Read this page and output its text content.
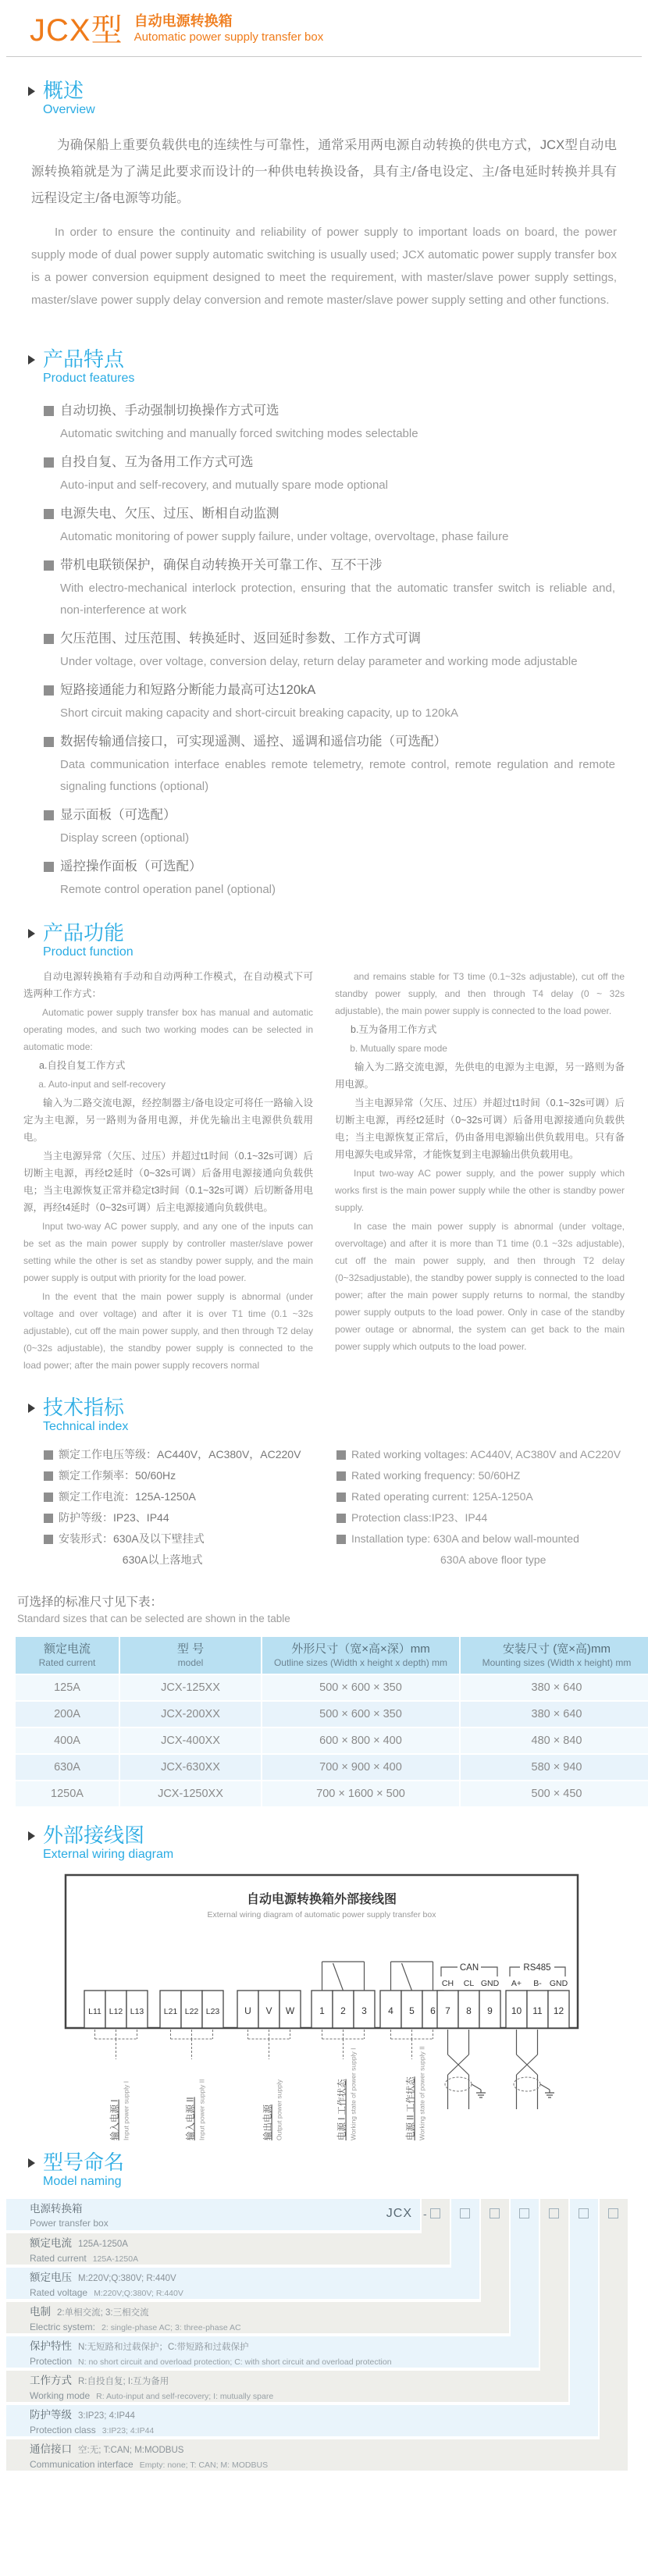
JCX型 自动电源转换箱
Automatic power supply transfer box
概述
Overview

为确保船上重要负载供电的连续性与可靠性，通常采用两电源自动转换的供电方式，JCX型自动电源转换箱就是为了满足此要求而设计的一种供电转换设备，具有主/备电设定、主/备电延时转换并具有远程设定主/备电源等功能。

In order to ensure the continuity and reliability of power supply to important loads on board, the power supply mode of dual power supply automatic switching is usually used; JCX automatic power supply transfer box is a power conversion equipment designed to meet the requirement, with master/slave power supply settings, master/slave power supply delay conversion and remote master/slave power supply setting and other functions.

产品特点
Product features
自动切换、手动强制切换操作方式可选
Automatic switching and manually forced switching modes selectable
自投自复、互为备用工作方式可选
Auto-input and self-recovery, and mutually spare mode optional
电源失电、欠压、过压、断相自动监测
Automatic monitoring of power supply failure, under voltage, overvoltage, phase failure
带机电联锁保护，确保自动转换开关可靠工作、互不干涉
With electro-mechanical interlock protection, ensuring that the automatic transfer switch is reliable and, non-interference at work
欠压范围、过压范围、转换延时、返回延时参数、工作方式可调
Under voltage, over voltage, conversion delay, return delay parameter and working mode adjustable
短路接通能力和短路分断能力最高可达120kA
Short circuit making capacity and short-circuit breaking capacity, up to 120kA
数据传输通信接口，可实现遥测、遥控、遥调和遥信功能（可选配）
Data communication interface enables remote telemetry, remote control, remote regulation and remote signaling functions (optional)
显示面板（可选配）
Display screen (optional)
遥控操作面板（可选配）
Remote control operation panel (optional)
产品功能
Product function

自动电源转换箱有手动和自动两种工作模式，在自动模式下可选两种工作方式：

Automatic power supply transfer box has manual and automatic operating modes, and such two working modes can be selected in automatic mode:

a.自投自复工作方式

a. Auto-input and self-recovery

输入为二路交流电源，经控制器主/备电设定可将任一路输入设定为主电源，另一路则为备用电源，并优先输出主电源供负载用电。

当主电源异常（欠压、过压）并超过t1时间（0.1~32s可调）后切断主电源，再经t2延时（0~32s可调）后备用电源接通向负载供电；当主电源恢复正常并稳定t3时间（0.1~32s可调）后切断备用电源，再经t4延时（0~32s可调）后主电源接通向负载供电。

Input two-way AC power supply, and any one of the inputs can be set as the main power supply by controller master/slave power setting while the other is set as standby power supply, and the main power supply is output with priority for the load power.

In the event that the main power supply is abnormal (under voltage and over voltage) and after it is over T1 time (0.1 ~32s adjustable), cut off the main power supply, and then through T2 delay (0~32s adjustable), the standby power supply is connected to the load power; after the main power supply recovers normal

and remains stable for T3 time (0.1~32s adjustable), cut off the standby power supply, and then through T4 delay (0 ~ 32s adjustable), the main power supply is connected to the load power.

b.互为备用工作方式

b. Mutually spare mode

输入为二路交流电源，先供电的电源为主电源，另一路则为备用电源。

当主电源异常（欠压、过压）并超过t1时间（0.1~32s可调）后切断主电源，再经t2延时（0~32s可调）后备用电源接通向负载供电；当主电源恢复正常后，仍由备用电源输出供负载用电。只有备用电源失电或异常，才能恢复到主电源输出供负载用电。

Input two-way AC power supply, and the power supply which works first is the main power supply while the other is standby power supply.

In case the main power supply is abnormal (under voltage, overvoltage) and after it is more than T1 time (0.1 ~32s adjustable), cut off the main power supply, and then through T2 delay (0~32sadjustable), the standby power supply is connected to the load power; after the main power supply returns to normal, the standby power supply outputs to the load power. Only in case of the standby power outage or abnormal, the system can get back to the main power supply which outputs to the load power.

技术指标
Technical index
额定工作电压等级：AC440V，AC380V，AC220V
额定工作频率：50/60Hz
额定工作电流：125A-1250A
防护等级：IP23、IP44
安装形式：630A及以下壁挂式
630A以上落地式
Rated working voltages: AC440V, AC380V and AC220V
Rated working frequency: 50/60HZ
Rated operating current: 125A-1250A
Protection class:IP23、IP44
Installation type: 630A and below wall-mounted
630A above floor type
可选择的标准尺寸见下表：
Standard sizes that can be selected are shown in the table
额定电流
Rated current

型 号
model

外形尺寸（宽×高×深）mm
Outline sizes (Width x height x depth) mm

安装尺寸 (宽×高)mm
Mounting sizes (Width x height) mm

125A	JCX-125XX	500 × 600 × 350	380 × 640
200A	JCX-200XX	500 × 600 × 350	380 × 640
400A	JCX-400XX	600 × 800 × 400	480 × 840
630A	JCX-630XX	700 × 900 × 400	580 × 940
1250A	JCX-1250XX	700 × 1600 × 500	500 × 450
外部接线图
External wiring diagram
自动电源转换箱外部接线图
External wiring diagram of automatic power supply transfer box
L11 L12 L13
输入电源 I Input power supply I
L21 L22 L23
输入电源 II Input power supply II
U V W
输出电源 Output power supply
1 2 3
电源 I 工作状态 Working state of power supply I
4 5 6
电源 II 工作状态 Working state of power supply II
7 8 9 10 11 12
CH CL GND A+ B- GND
CAN	RS485
型号命名
Model naming
电源转换箱
Power transfer box
额定电流 125A-1250A
Rated current 125A-1250A
额定电压 M:220V;Q:380V; R:440V
Rated voltage M:220V;Q:380V; R:440V
电制 2:单相交流; 3:三相交流
Electric system: 2: single-phase AC; 3: three-phase AC
保护特性 N:无短路和过载保护；C:带短路和过载保护
Protection N: no short circuit and overload protection; C: with short circuit and overload protection
工作方式 R:自投自复; I:互为备用
Working mode R: Auto-input and self-recovery; I: mutually spare
防护等级 3:IP23; 4:IP44
Protection class 3:IP23; 4:IP44
通信接口 空:无; T:CAN; M:MODBUS
Communication interface Empty: none; T: CAN; M: MODBUS
JCX -
